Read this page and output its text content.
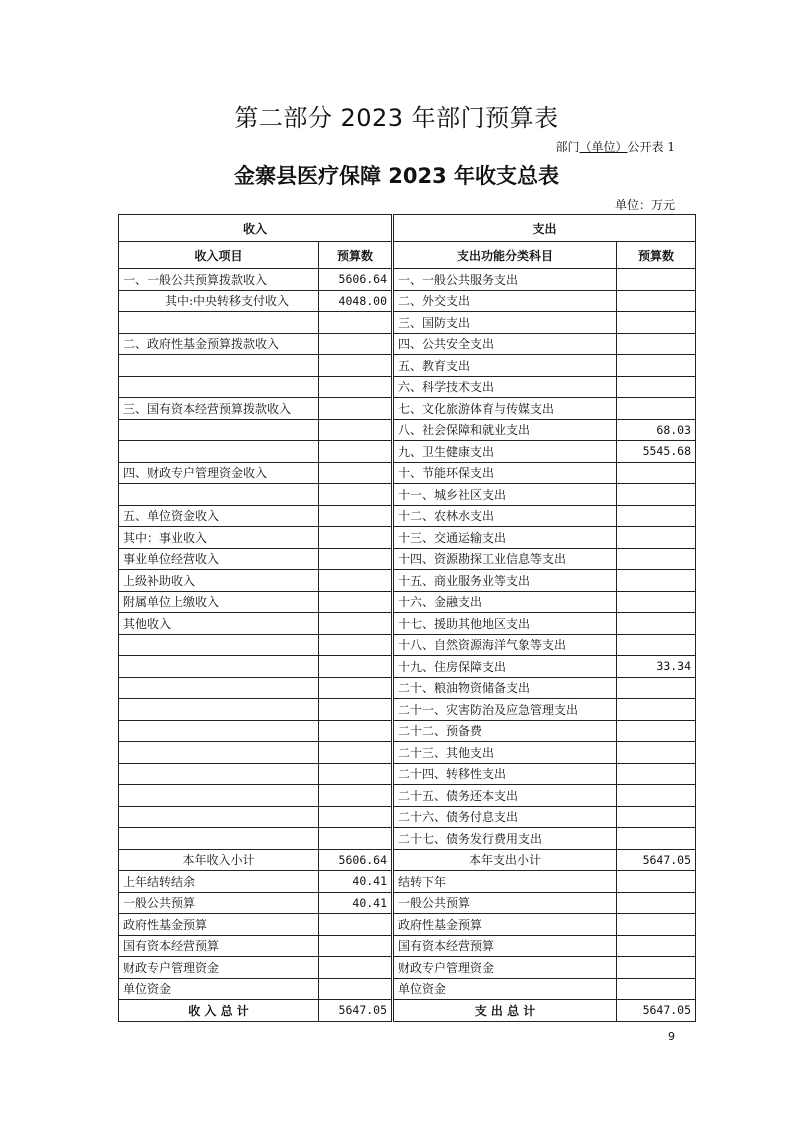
第二部分 2023 年部门预算表
部门（单位）公开表 1
金寨县医疗保障 2023 年收支总表
单位：万元
收入		支出	
收入项目	预算数	支出功能分类科目	预算数
一、一般公共预算拨款收入	5606.64	一、一般公共服务支出	
其中:中央转移支付收入	4048.00	二、外交支出	
		三、国防支出	
二、政府性基金预算拨款收入		四、公共安全支出	
		五、教育支出	
		六、科学技术支出	
三、国有资本经营预算拨款收入		七、文化旅游体育与传媒支出	
		八、社会保障和就业支出	68.03
		九、卫生健康支出	5545.68
四、财政专户管理资金收入		十、节能环保支出	
		十一、城乡社区支出	
五、单位资金收入		十二、农林水支出	
其中：事业收入		十三、交通运输支出	
事业单位经营收入		十四、资源勘探工业信息等支出	
上级补助收入		十五、商业服务业等支出	
附属单位上缴收入		十六、金融支出	
其他收入		十七、援助其他地区支出	
		十八、自然资源海洋气象等支出	
		十九、住房保障支出	33.34
		二十、粮油物资储备支出	
		二十一、灾害防治及应急管理支出	
		二十二、预备费	
		二十三、其他支出	
		二十四、转移性支出	
		二十五、债务还本支出	
		二十六、债务付息支出	
		二十七、债务发行费用支出	
本年收入小计	5606.64	本年支出小计	5647.05
上年结转结余	40.41	结转下年	
一般公共预算	40.41	一般公共预算	
政府性基金预算		政府性基金预算	
国有资本经营预算		国有资本经营预算	
财政专户管理资金		财政专户管理资金	
单位资金		单位资金	
收 入 总 计	5647.05	支 出 总 计	5647.05
9
